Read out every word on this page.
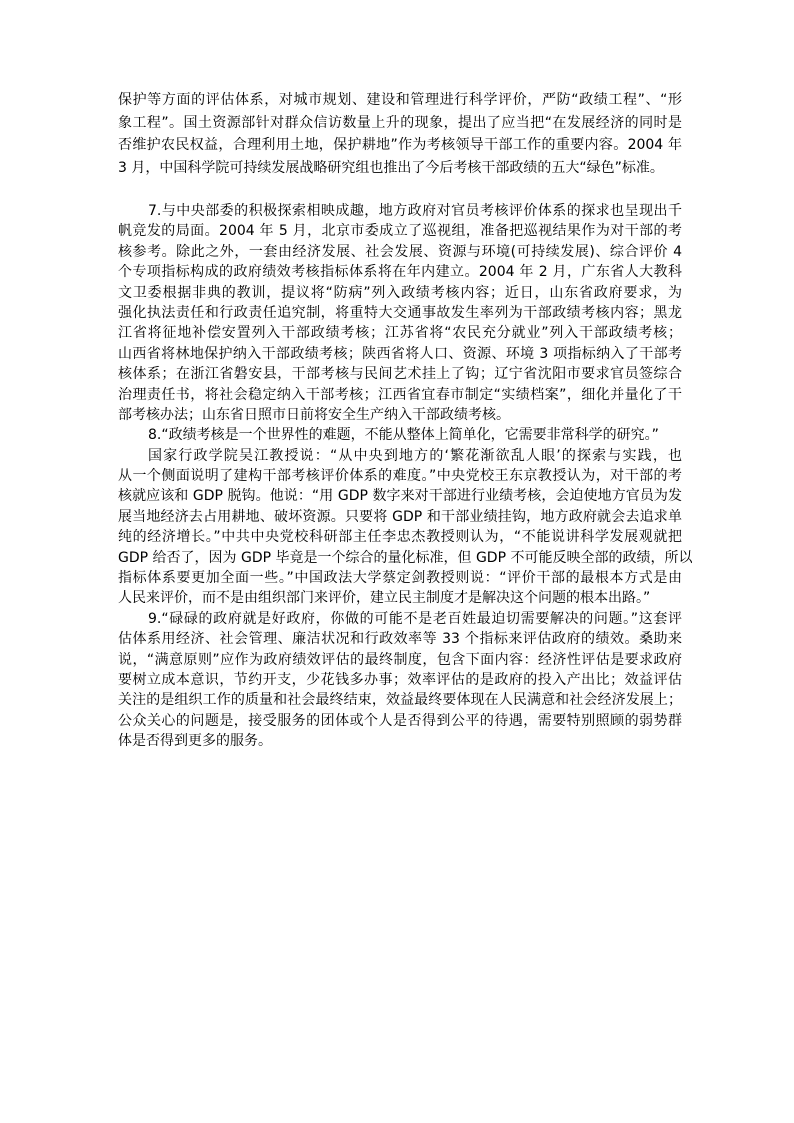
保护等方面的评估体系，对城市规划、建设和管理进行科学评价，严防“政绩工程”、“形
象工程”。国土资源部针对群众信访数量上升的现象，提出了应当把“在发展经济的同时是
否维护农民权益，合理利用土地，保护耕地”作为考核领导干部工作的重要内容。2004 年
3 月，中国科学院可持续发展战略研究组也推出了今后考核干部政绩的五大“绿色”标准。
7.与中央部委的积极探索相映成趣，地方政府对官员考核评价体系的探求也呈现出千
帆竞发的局面。2004 年 5 月，北京市委成立了巡视组，准备把巡视结果作为对干部的考
核参考。除此之外，一套由经济发展、社会发展、资源与环境(可持续发展)、综合评价 4
个专项指标构成的政府绩效考核指标体系将在年内建立。2004 年 2 月，广东省人大教科
文卫委根据非典的教训，提议将“防病”列入政绩考核内容；近日，山东省政府要求，为
强化执法责任和行政责任追究制，将重特大交通事故发生率列为干部政绩考核内容；黑龙
江省将征地补偿安置列入干部政绩考核；江苏省将“农民充分就业”列入干部政绩考核；
山西省将林地保护纳入干部政绩考核；陕西省将人口、资源、环境 3 项指标纳入了干部考
核体系；在浙江省磐安县，干部考核与民间艺术挂上了钩；辽宁省沈阳市要求官员签综合
治理责任书，将社会稳定纳入干部考核；江西省宜春市制定“实绩档案”，细化并量化了干
部考核办法；山东省日照市日前将安全生产纳入干部政绩考核。
8.“政绩考核是一个世界性的难题，不能从整体上简单化，它需要非常科学的研究。”
国家行政学院吴江教授说：“从中央到地方的‘繁花渐欲乱人眼’的探索与实践，也
从一个侧面说明了建构干部考核评价体系的难度。”中央党校王东京教授认为，对干部的考
核就应该和 GDP 脱钩。他说：“用 GDP 数字来对干部进行业绩考核，会迫使地方官员为发
展当地经济去占用耕地、破坏资源。只要将 GDP 和干部业绩挂钩，地方政府就会去追求单
纯的经济增长。”中共中央党校科研部主任李忠杰教授则认为，“不能说讲科学发展观就把
GDP 给否了，因为 GDP 毕竟是一个综合的量化标准，但 GDP 不可能反映全部的政绩，所以
指标体系要更加全面一些。”中国政法大学蔡定剑教授则说：“评价干部的最根本方式是由
人民来评价，而不是由组织部门来评价，建立民主制度才是解决这个问题的根本出路。”
9.“碌碌的政府就是好政府，你做的可能不是老百姓最迫切需要解决的问题。”这套评
估体系用经济、社会管理、廉洁状况和行政效率等 33 个指标来评估政府的绩效。桑助来
说，“满意原则”应作为政府绩效评估的最终制度，包含下面内容：经济性评估是要求政府
要树立成本意识，节约开支，少花钱多办事；效率评估的是政府的投入产出比；效益评估
关注的是组织工作的质量和社会最终结束，效益最终要体现在人民满意和社会经济发展上；
公众关心的问题是，接受服务的团体或个人是否得到公平的待遇，需要特别照顾的弱势群
体是否得到更多的服务。
